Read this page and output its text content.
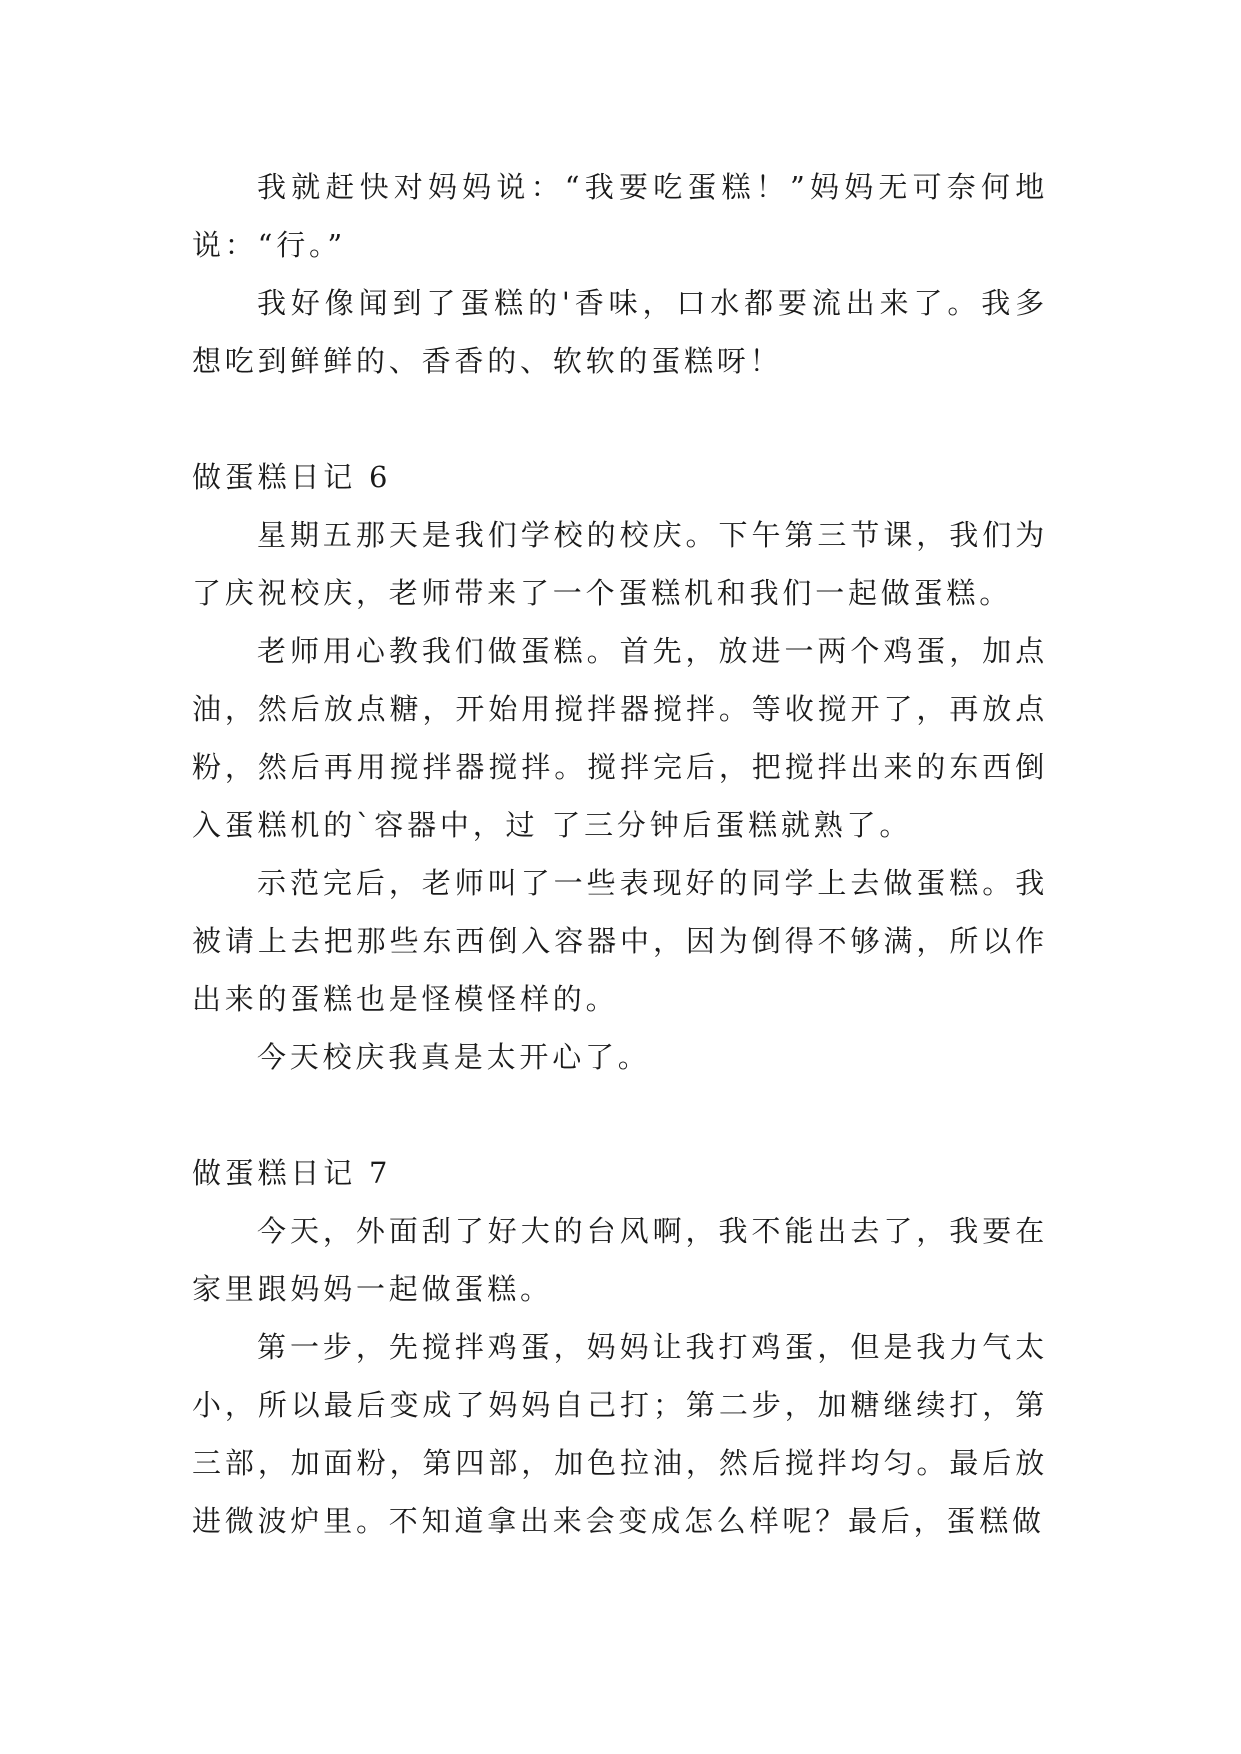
我就赶快对妈妈说：“我要吃蛋糕！”妈妈无可奈何地说：“行。”

我好像闻到了蛋糕的'香味，口水都要流出来了。我多想吃到鲜鲜的、香香的、软软的蛋糕呀！

做蛋糕日记 6

星期五那天是我们学校的校庆。下午第三节课，我们为了庆祝校庆，老师带来了一个蛋糕机和我们一起做蛋糕。

老师用心教我们做蛋糕。首先，放进一两个鸡蛋，加点油，然后放点糖，开始用搅拌器搅拌。等收搅开了，再放点粉，然后再用搅拌器搅拌。搅拌完后，把搅拌出来的东西倒入蛋糕机的`容器中，过 了三分钟后蛋糕就熟了。

示范完后，老师叫了一些表现好的同学上去做蛋糕。我被请上去把那些东西倒入容器中，因为倒得不够满，所以作出来的蛋糕也是怪模怪样的。

今天校庆我真是太开心了。

做蛋糕日记 7

今天，外面刮了好大的台风啊，我不能出去了，我要在家里跟妈妈一起做蛋糕。

第一步，先搅拌鸡蛋，妈妈让我打鸡蛋，但是我力气太小，所以最后变成了妈妈自己打；第二步，加糖继续打，第三部，加面粉，第四部，加色拉油，然后搅拌均匀。最后放进微波炉里。不知道拿出来会变成怎么样呢？最后，蛋糕做
